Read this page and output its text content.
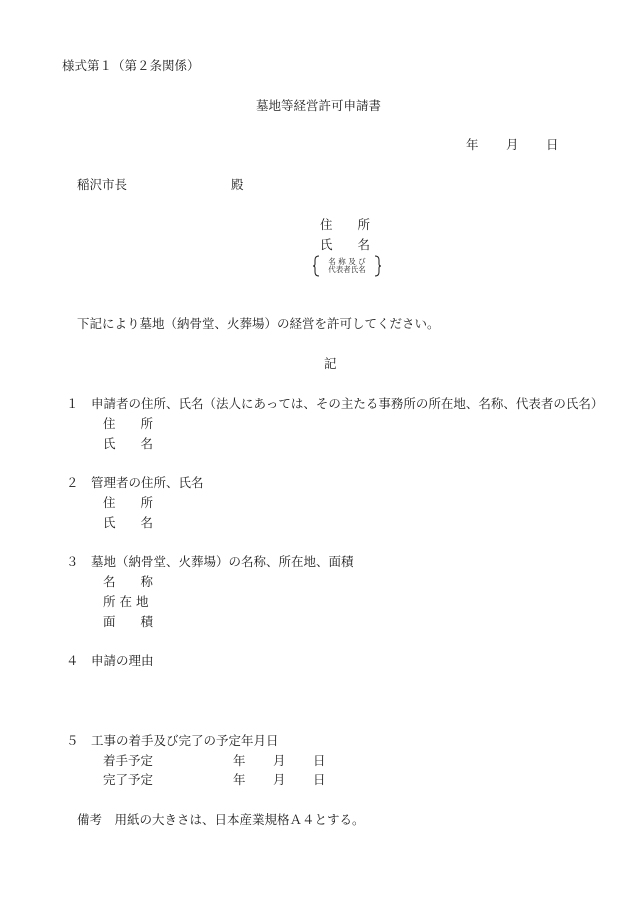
様式第１（第２条関係）
墓地等経営許可申請書
年 月 日
稲沢市長	殿
住　　所
氏　　名
名 称 及 び
代表者氏名
下記により墓地（納骨堂、火葬場）の経営を許可してください。
記
１　申請者の住所、氏名（法人にあっては、その主たる事務所の所在地、名称、代表者の氏名）
住　　所
氏　　名
２　管理者の住所、氏名
住　　所
氏　　名
３　墓地（納骨堂、火葬場）の名称、所在地、面積
名　　称
所 在 地
面　　積
４　申請の理由
５　工事の着手及び完了の予定年月日
着手予定	年 月 日
完了予定	年 月 日
備考　用紙の大きさは、日本産業規格Ａ４とする。
